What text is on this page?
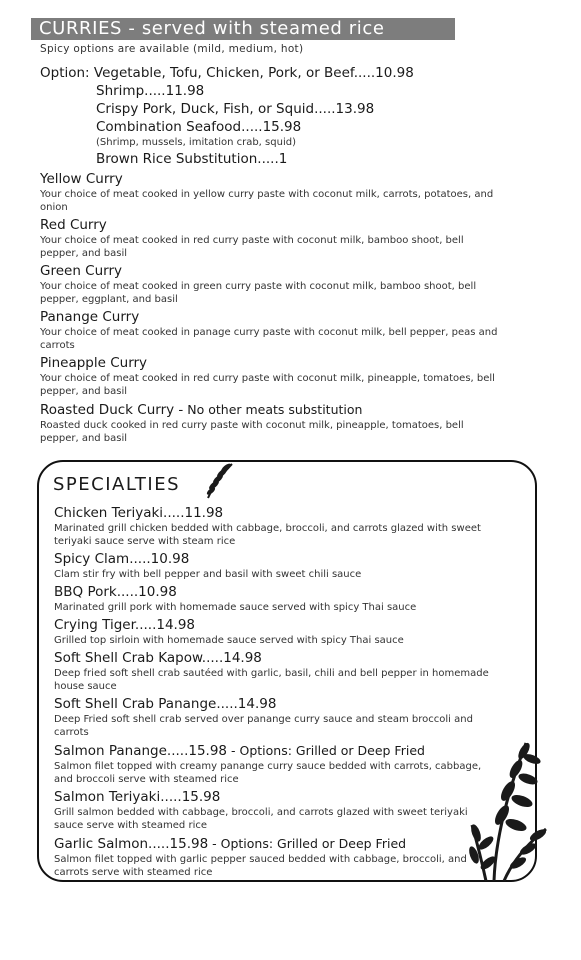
CURRIES - served with steamed rice
Spicy options are available (mild, medium, hot)
Option: Vegetable, Tofu, Chicken, Pork, or Beef.....10.98
Shrimp.....11.98
Crispy Pork, Duck, Fish, or Squid.....13.98
Combination Seafood.....15.98
(Shrimp, mussels, imitation crab, squid)
Brown Rice Substitution.....1

Yellow Curry

Your choice of meat cooked in yellow curry paste with coconut milk, carrots, potatoes, and onion

Red Curry

Your choice of meat cooked in red curry paste with coconut milk, bamboo shoot, bell pepper, and basil

Green Curry

Your choice of meat cooked in green curry paste with coconut milk, bamboo shoot, bell pepper, eggplant, and basil

Panange Curry

Your choice of meat cooked in panage curry paste with coconut milk, bell pepper, peas and carrots

Pineapple Curry

Your choice of meat cooked in red curry paste with coconut milk, pineapple, tomatoes, bell pepper, and basil

Roasted Duck Curry - No other meats substitution

Roasted duck cooked in red curry paste with coconut milk, pineapple, tomatoes, bell pepper, and basil

SPECIALTIES

Chicken Teriyaki.....11.98

Marinated grill chicken bedded with cabbage, broccoli, and carrots glazed with sweet teriyaki sauce serve with steam rice

Spicy Clam.....10.98

Clam stir fry with bell pepper and basil with sweet chili sauce

BBQ Pork.....10.98

Marinated grill pork with homemade sauce served with spicy Thai sauce

Crying Tiger.....14.98

Grilled top sirloin with homemade sauce served with spicy Thai sauce

Soft Shell Crab Kapow.....14.98

Deep fried soft shell crab sautéed with garlic, basil, chili and bell pepper in homemade house sauce

Soft Shell Crab Panange.....14.98

Deep Fried soft shell crab served over panange curry sauce and steam broccoli and carrots

Salmon Panange.....15.98 - Options: Grilled or Deep Fried

Salmon filet topped with creamy panange curry sauce bedded with carrots, cabbage, and broccoli serve with steamed rice

Salmon Teriyaki.....15.98

Grill salmon bedded with cabbage, broccoli, and carrots glazed with sweet teriyaki sauce serve with steamed rice

Garlic Salmon.....15.98 - Options: Grilled or Deep Fried

Salmon filet topped with garlic pepper sauced bedded with cabbage, broccoli, and carrots serve with steamed rice
